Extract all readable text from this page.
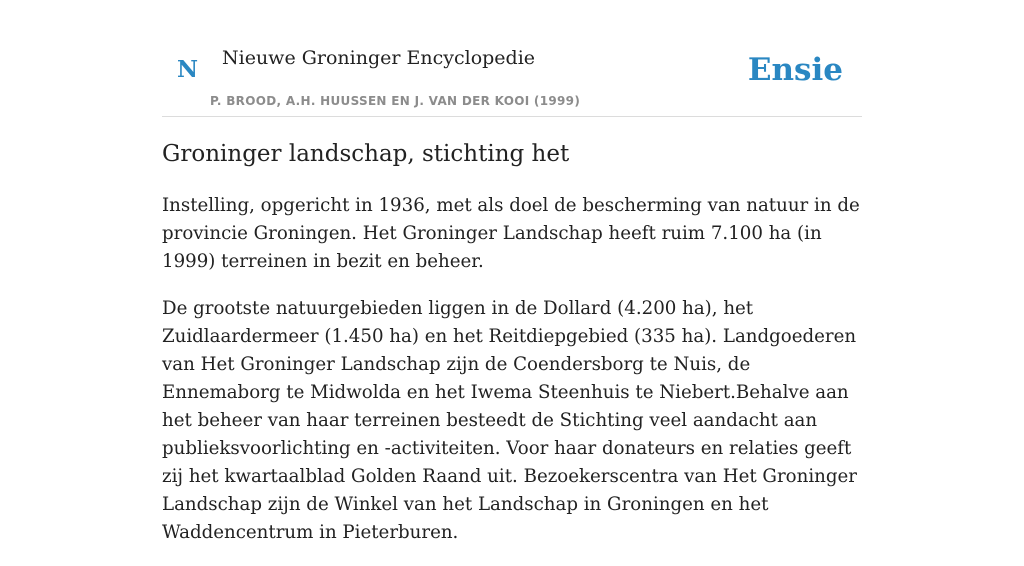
N Nieuwe Groninger Encyclopedie
P. BROOD, A.H. HUUSSEN EN J. VAN DER KOOI (1999)
Ensie
Groninger landschap, stichting het

Instelling, opgericht in 1936, met als doel de bescherming van natuur in de provincie Groningen. Het Groninger Landschap heeft ruim 7.100 ha (in 1999) terreinen in bezit en beheer.

De grootste natuurgebieden liggen in de Dollard (4.200 ha), het Zuidlaardermeer (1.450 ha) en het Reitdiepgebied (335 ha). Landgoederen van Het Groninger Landschap zijn de Coendersborg te Nuis, de Ennemaborg te Midwolda en het Iwema Steenhuis te Niebert.Behalve aan het beheer van haar terreinen besteedt de Stichting veel aandacht aan publieksvoorlichting en -activiteiten. Voor haar donateurs en relaties geeft zij het kwartaalblad Golden Raand uit. Bezoekerscentra van Het Groninger Landschap zijn de Winkel van het Landschap in Groningen en het Waddencentrum in Pieterburen.
